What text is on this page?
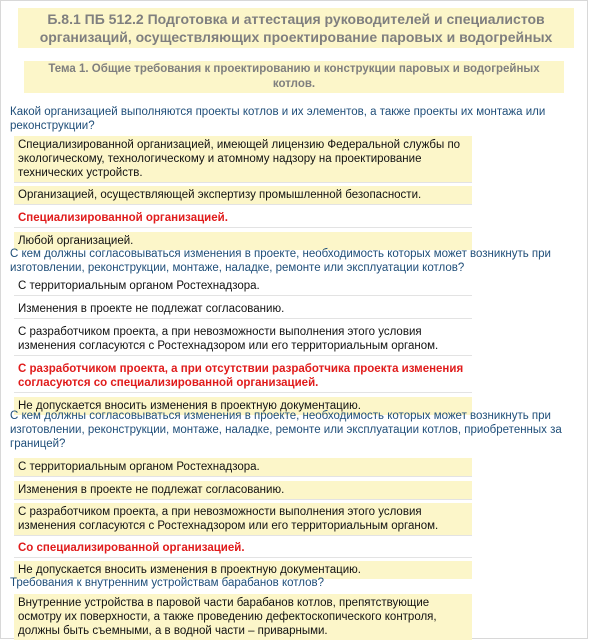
Б.8.1 ПБ 512.2 Подготовка и аттестация руководителей и специалистов
организаций, осуществляющих проектирование паровых и водогрейных
Тема 1. Общие требования к проектированию и конструкции паровых и водогрейных
котлов.
Какой организацией выполняются проекты котлов и их элементов, а также проекты их монтажа или реконструкции?
Специализированной организацией, имеющей лицензию Федеральной службы по экологическому, технологическому и атомному надзору на проектирование технических устройств.
Организацией, осуществляющей экспертизу промышленной безопасности.
Специализированной организацией.
Любой организацией.
С кем должны согласовываться изменения в проекте, необходимость которых может возникнуть при изготовлении, реконструкции, монтаже, наладке, ремонте или эксплуатации котлов?
С территориальным органом Ростехнадзора.
Изменения в проекте не подлежат согласованию.
С разработчиком проекта, а при невозможности выполнения этого условия изменения согласуются с Ростехнадзором или его территориальным органом.
С разработчиком проекта, а при отсутствии разработчика проекта изменения согласуются со специализированной организацией.
Не допускается вносить изменения в проектную документацию.
С кем должны согласовываться изменения в проекте, необходимость которых может возникнуть при изготовлении, реконструкции, монтаже, наладке, ремонте или эксплуатации котлов, приобретенных за границей?
С территориальным органом Ростехнадзора.
Изменения в проекте не подлежат согласованию.
С разработчиком проекта, а при невозможности выполнения этого условия изменения согласуются с Ростехнадзором или его территориальным органом.
Со специализированной организацией.
Не допускается вносить изменения в проектную документацию.
Требования к внутренним устройствам барабанов котлов?
Внутренние устройства в паровой части барабанов котлов, препятствующие осмотру их поверхности, а также проведению дефектоскопического контроля, должны быть съемными, а в водной части – приварными.
